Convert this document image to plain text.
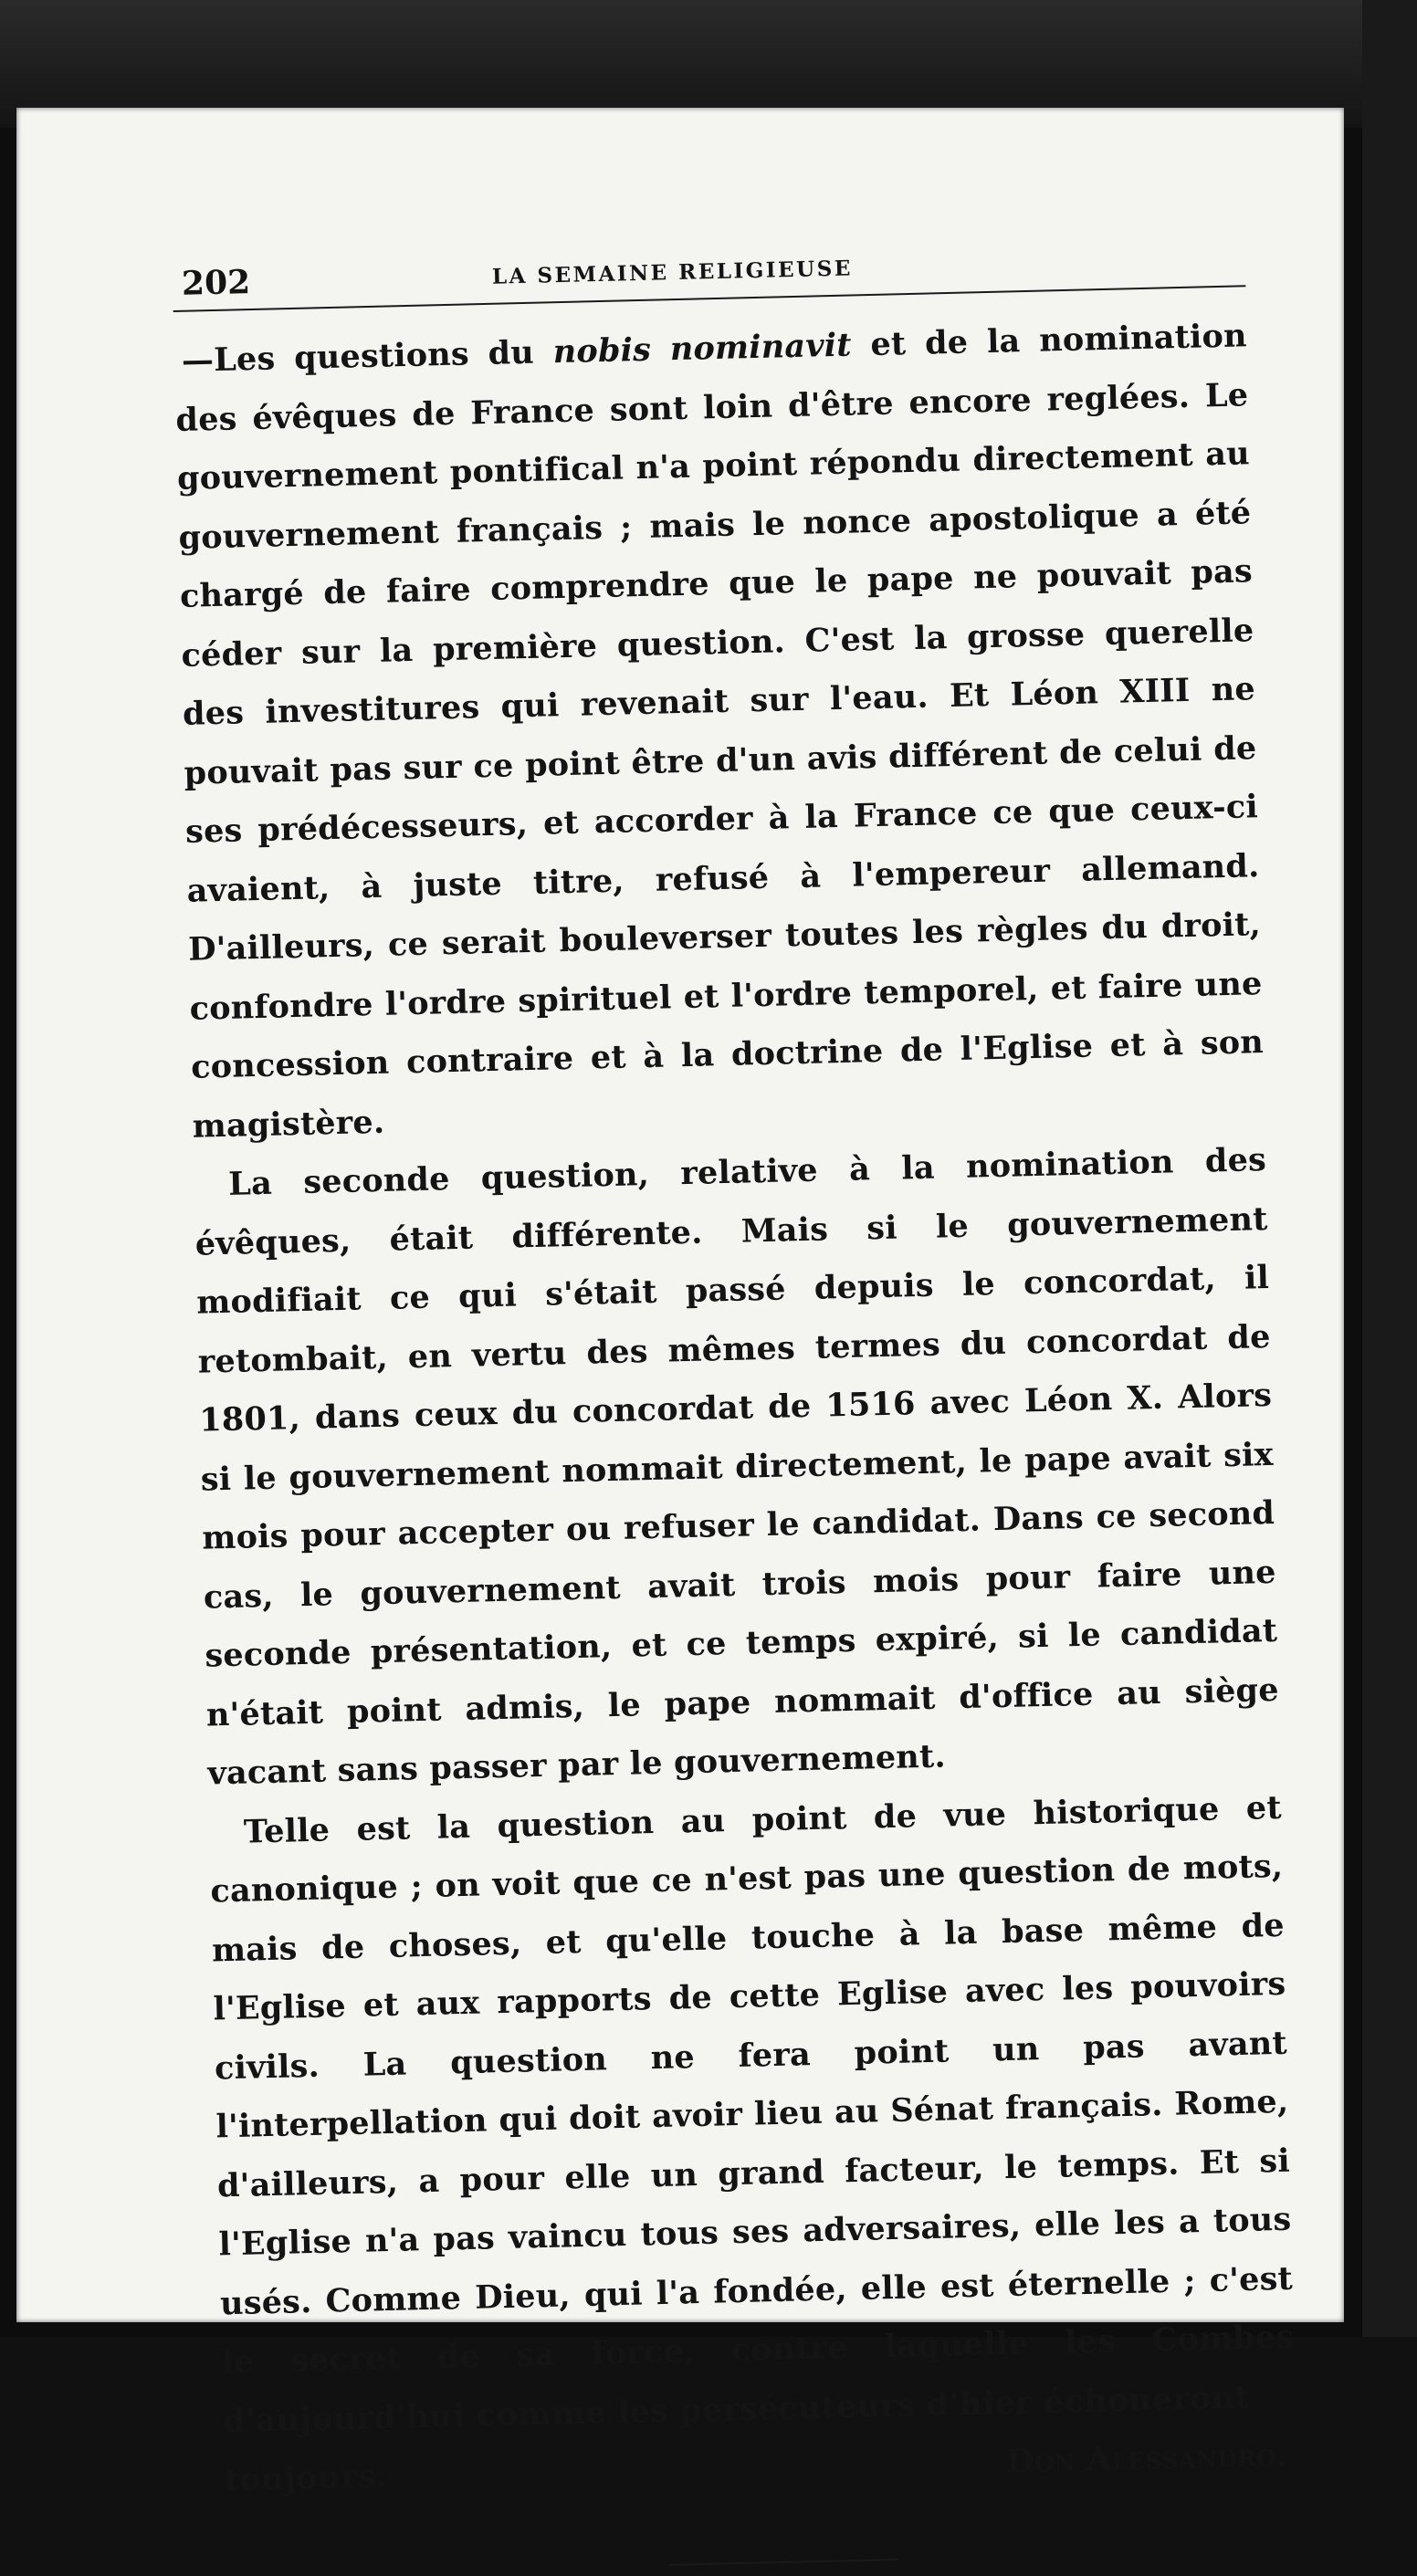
202	LA SEMAINE RELIGIEUSE

—Les questions du nobis nominavit et de la nomination des évêques de France sont loin d'être encore reglées. Le gouvernement pontifical n'a point répondu directement au gouvernement français ; mais le nonce apostolique a été chargé de faire comprendre que le pape ne pouvait pas céder sur la première question. C'est la grosse querelle des investitures qui revenait sur l'eau. Et Léon XIII ne pouvait pas sur ce point être d'un avis différent de celui de ses prédécesseurs, et accorder à la France ce que ceux-ci avaient, à juste titre, refusé à l'empereur allemand. D'ailleurs, ce serait bouleverser toutes les règles du droit, confondre l'ordre spirituel et l'ordre temporel, et faire une concession contraire et à la doctrine de l'Eglise et à son magistère.

La seconde question, relative à la nomination des évêques, était différente. Mais si le gouvernement modifiait ce qui s'était passé depuis le concordat, il retombait, en vertu des mêmes termes du concordat de 1801, dans ceux du concordat de 1516 avec Léon X. Alors si le gouvernement nommait directement, le pape avait six mois pour accepter ou refuser le candidat. Dans ce second cas, le gouvernement avait trois mois pour faire une seconde présentation, et ce temps expiré, si le candidat n'était point admis, le pape nommait d'office au siège vacant sans passer par le gouvernement.

Telle est la question au point de vue historique et canonique ; on voit que ce n'est pas une question de mots, mais de choses, et qu'elle touche à la base même de l'Eglise et aux rapports de cette Eglise avec les pouvoirs civils. La question ne fera point un pas avant l'interpellation qui doit avoir lieu au Sénat français. Rome, d'ailleurs, a pour elle un grand facteur, le temps. Et si l'Eglise n'a pas vaincu tous ses adversaires, elle les a tous usés. Comme Dieu, qui l'a fondée, elle est éternelle ; c'est le secret de sa force, contre laquelle les Combes d'aujourd'hui comme les persécuteurs d'hier échoueront

toujours.	Don Alessandro.
